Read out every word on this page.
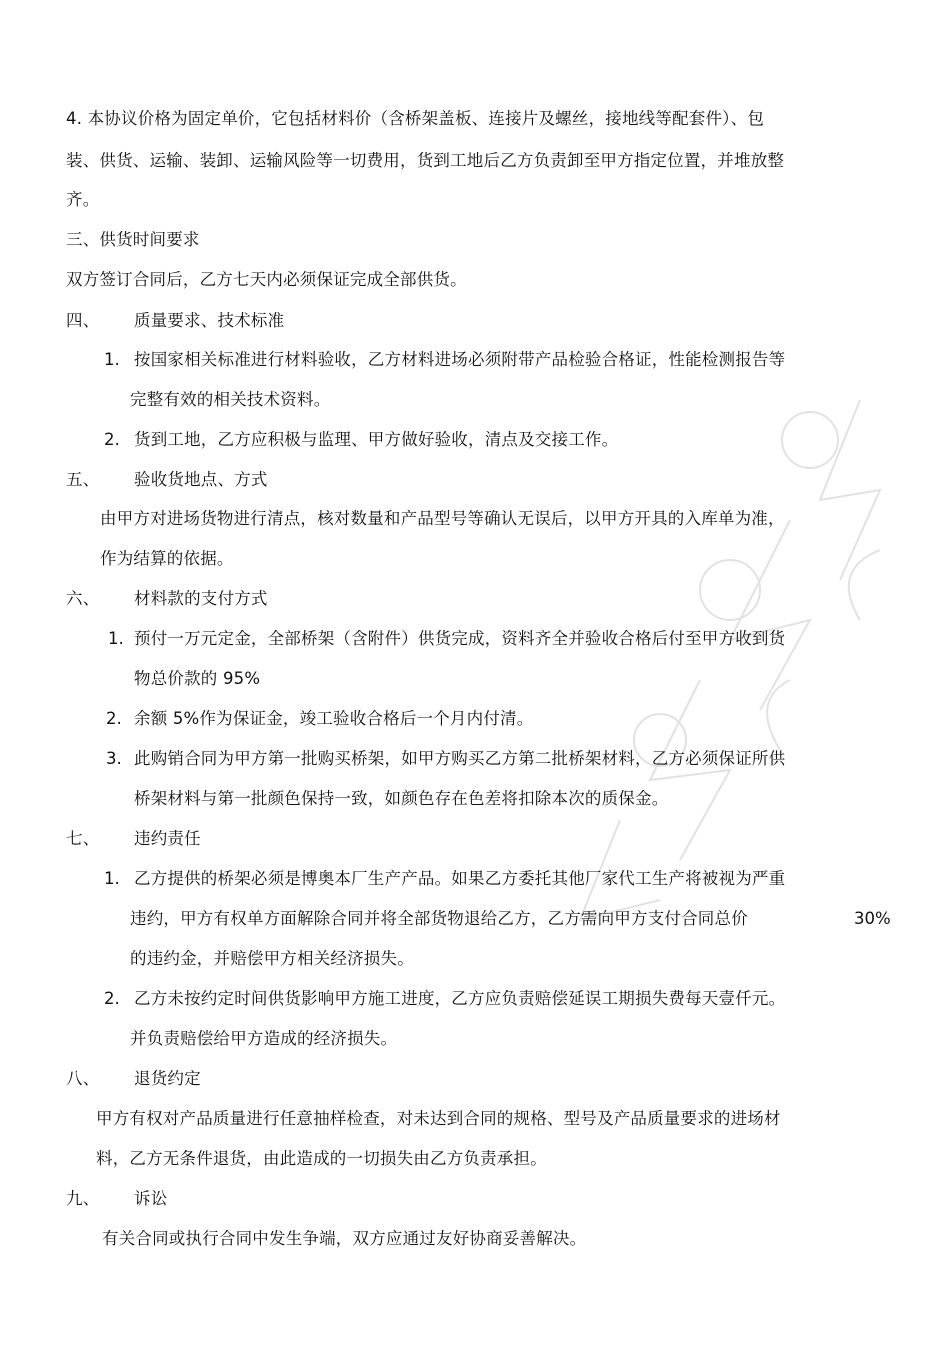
4. 本协议价格为固定单价，它包括材料价（含桥架盖板、连接片及螺丝，接地线等配套件）、包
装、供货、运输、装卸、运输风险等一切费用，货到工地后乙方负责卸至甲方指定位置，并堆放整
齐。
三、供货时间要求
双方签订合同后，乙方七天内必须保证完成全部供货。
四、 质量要求、技术标准
1. 按国家相关标准进行材料验收，乙方材料进场必须附带产品检验合格证，性能检测报告等
完整有效的相关技术资料。
2. 货到工地，乙方应积极与监理、甲方做好验收，清点及交接工作。
五、 验收货地点、方式
由甲方对进场货物进行清点，核对数量和产品型号等确认无误后，以甲方开具的入库单为准，
作为结算的依据。
六、 材料款的支付方式
1. 预付一万元定金，全部桥架（含附件）供货完成，资料齐全并验收合格后付至甲方收到货
物总价款的 95%
2. 余额 5%作为保证金，竣工验收合格后一个月内付清。
3. 此购销合同为甲方第一批购买桥架，如甲方购买乙方第二批桥架材料，乙方必须保证所供
桥架材料与第一批颜色保持一致，如颜色存在色差将扣除本次的质保金。
七、 违约责任
1. 乙方提供的桥架必须是博奥本厂生产产品。如果乙方委托其他厂家代工生产将被视为严重
违约，甲方有权单方面解除合同并将全部货物退给乙方，乙方需向甲方支付合同总价	30%
的违约金，并赔偿甲方相关经济损失。
2. 乙方未按约定时间供货影响甲方施工进度，乙方应负责赔偿延误工期损失费每天壹仟元。
并负责赔偿给甲方造成的经济损失。
八、 退货约定
甲方有权对产品质量进行任意抽样检查，对未达到合同的规格、型号及产品质量要求的进场材
料，乙方无条件退货，由此造成的一切损失由乙方负责承担。
九、 诉讼
有关合同或执行合同中发生争端，双方应通过友好协商妥善解决。
